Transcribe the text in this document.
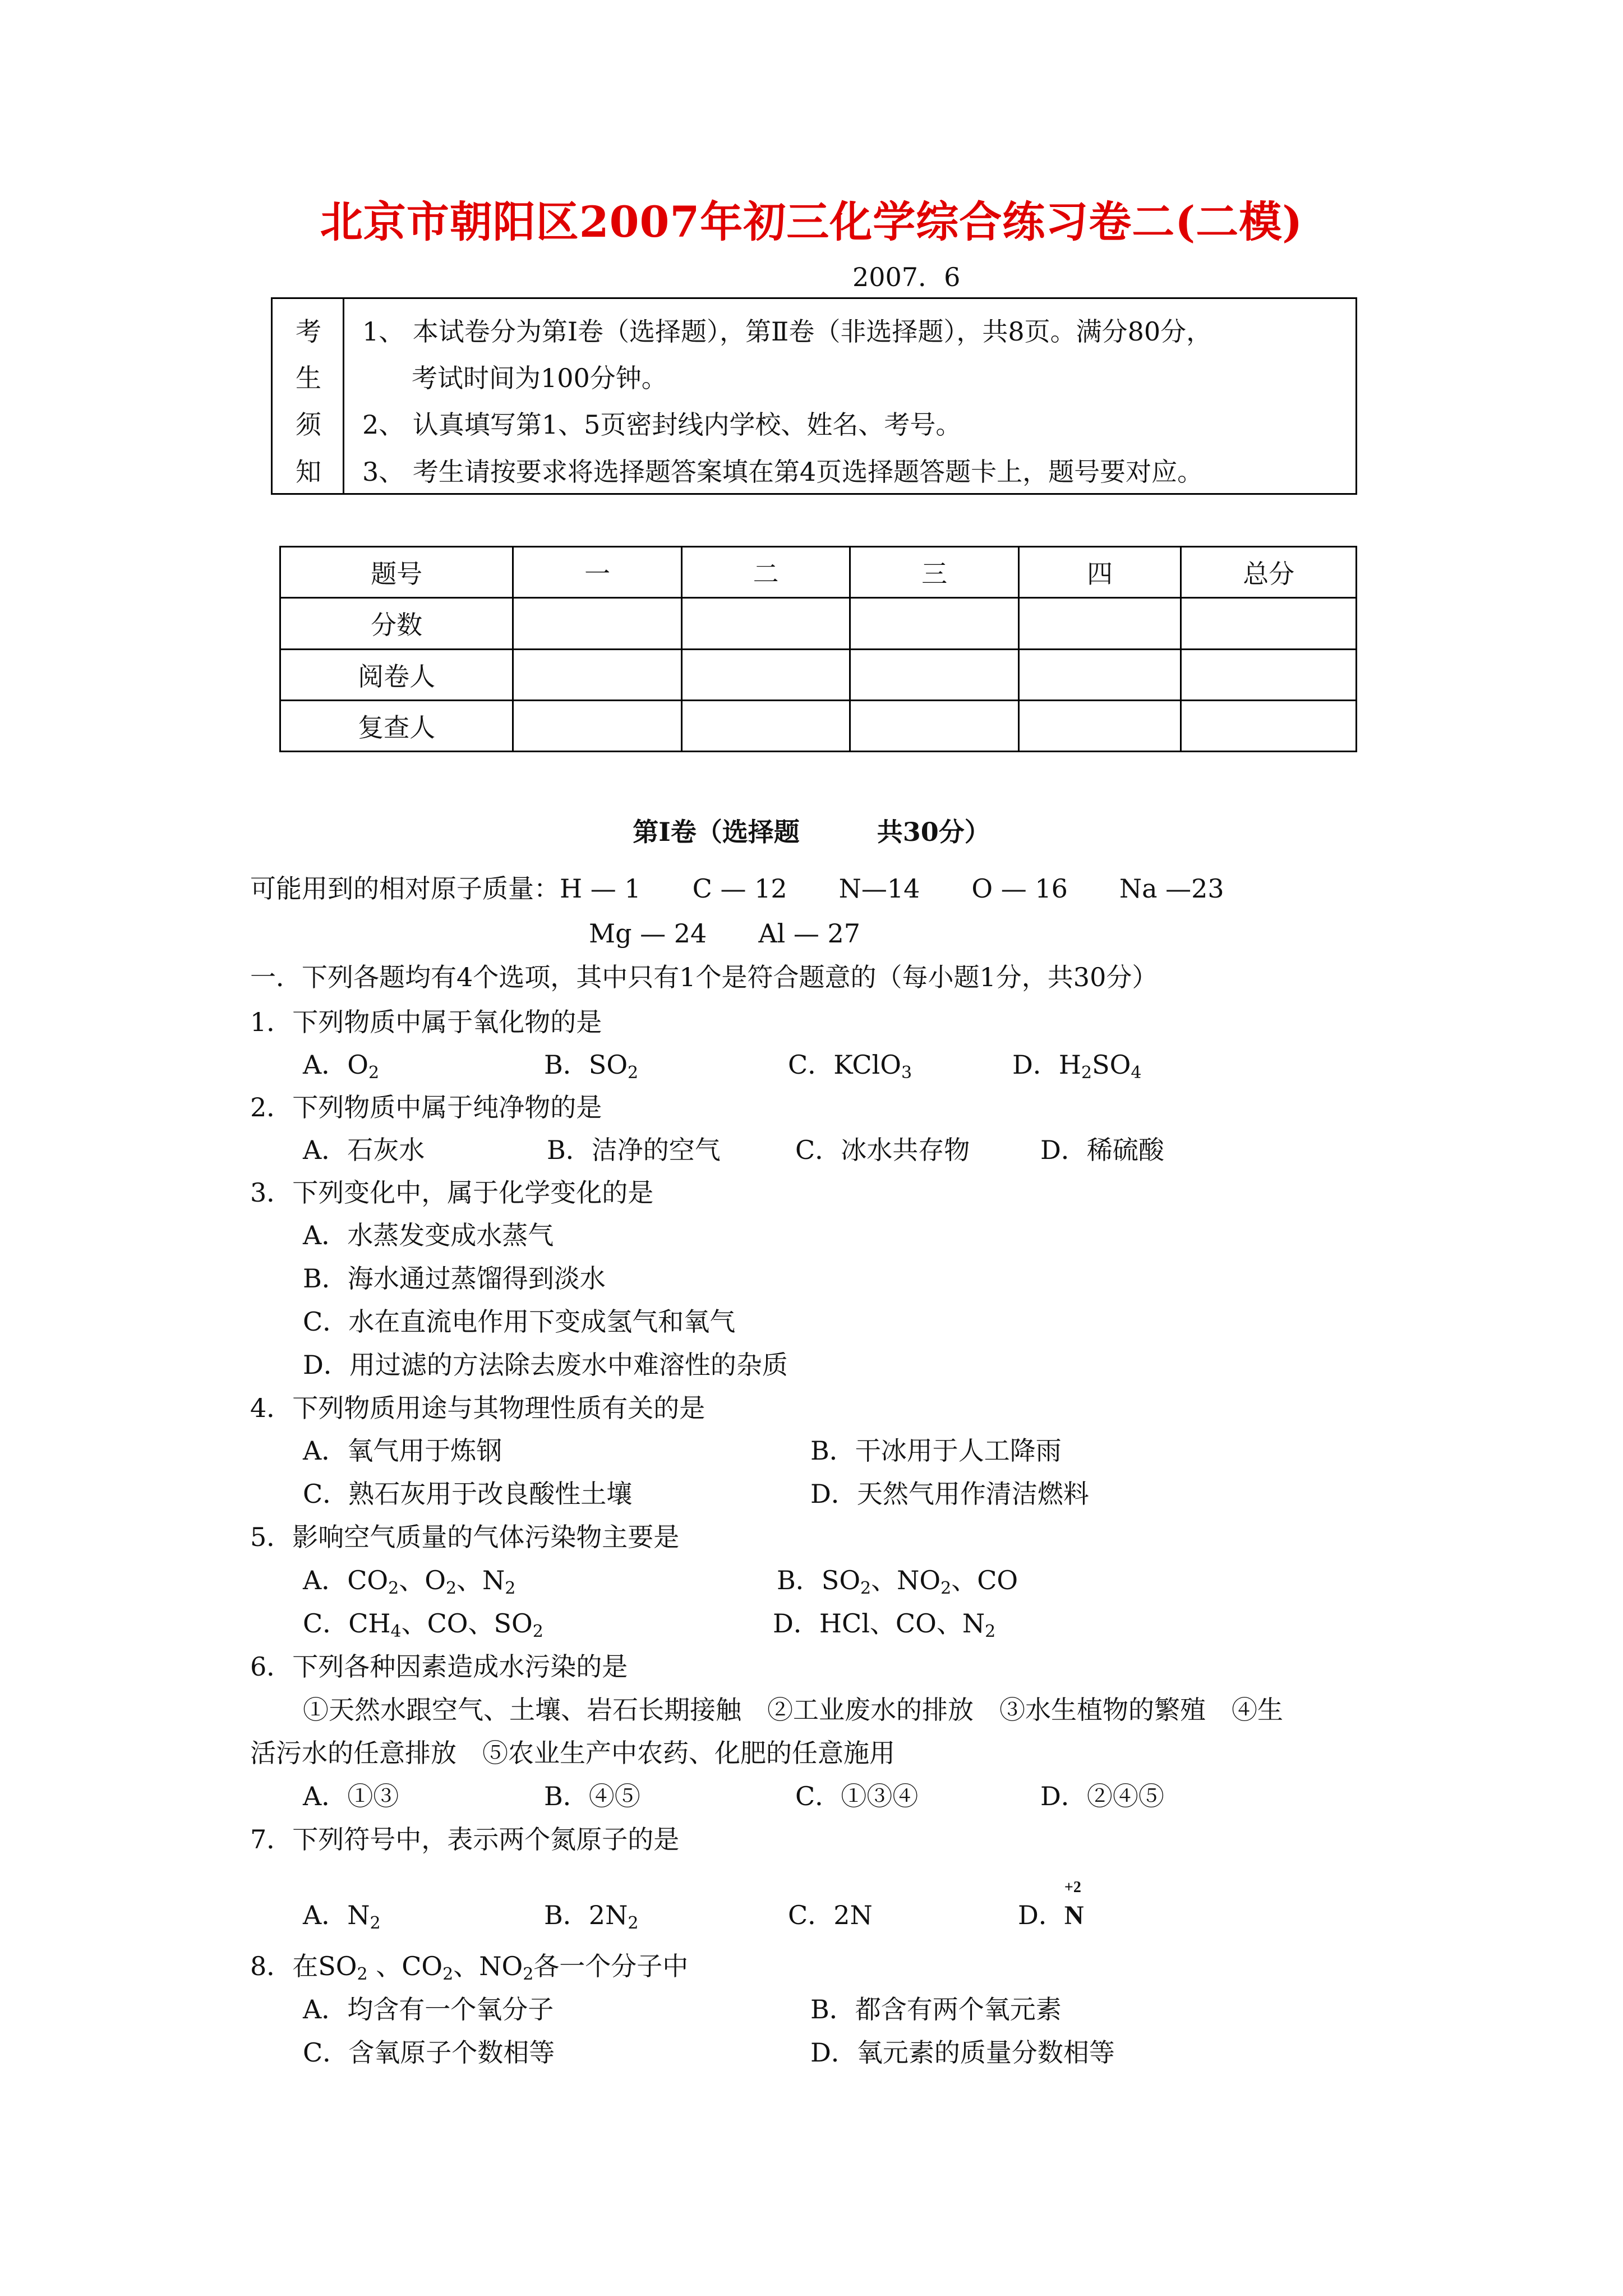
北京市朝阳区2007年初三化学综合练习卷二(二模)
2007．6
考
生
须
知
1、 本试卷分为第Ⅰ卷（选择题），第Ⅱ卷（非选择题），共8页。满分80分，
考试时间为100分钟。
2、 认真填写第1、5页密封线内学校、姓名、考号。
3、 考生请按要求将选择题答案填在第4页选择题答题卡上，题号要对应。
题号	一	二	三	四	总分
分数					
阅卷人					
复查人					
第Ⅰ卷（选择题　　　共30分）
可能用到的相对原子质量：H — 1　　C — 12　　N—14　　O — 16　　Na —23
Mg — 24　　Al — 27
一．下列各题均有4个选项，其中只有1个是符合题意的（每小题1分，共30分）
1．下列物质中属于氧化物的是
A．$O_2$	B．$SO_2$	C．KClO$_3$	D．$H_2SO_4$
2．下列物质中属于纯净物的是
A．石灰水	B．洁净的空气	C．冰水共存物	D．稀硫酸
3．下列变化中，属于化学变化的是
A．水蒸发变成水蒸气
B．海水通过蒸馏得到淡水
C．水在直流电作用下变成氢气和氧气
D．用过滤的方法除去废水中难溶性的杂质
4．下列物质用途与其物理性质有关的是
A．氧气用于炼钢	B．干冰用于人工降雨
C．熟石灰用于改良酸性土壤	D．天然气用作清洁燃料
5．影响空气质量的气体污染物主要是
A．$CO_2$、$O_2$、$N_2$	B．$SO_2$、$NO_2$、CO
C．$CH_4$、CO、$SO_2$	D．HCl、CO、$N_2$
6．下列各种因素造成水污染的是
①天然水跟空气、土壤、岩石长期接触　②工业废水的排放　③水生植物的繁殖　④生
活污水的任意排放　⑤农业生产中农药、化肥的任意施用
A．①③	B．④⑤	C．①③④	D．②④⑤
7．下列符号中，表示两个氮原子的是
A．$N_2$	B．$2N_2$	C．2N	D．
+2
N
8．在$SO_2$ 、$CO_2$、$NO_2$各一个分子中
A．均含有一个氧分子	B．都含有两个氧元素
C．含氧原子个数相等	D．氧元素的质量分数相等
